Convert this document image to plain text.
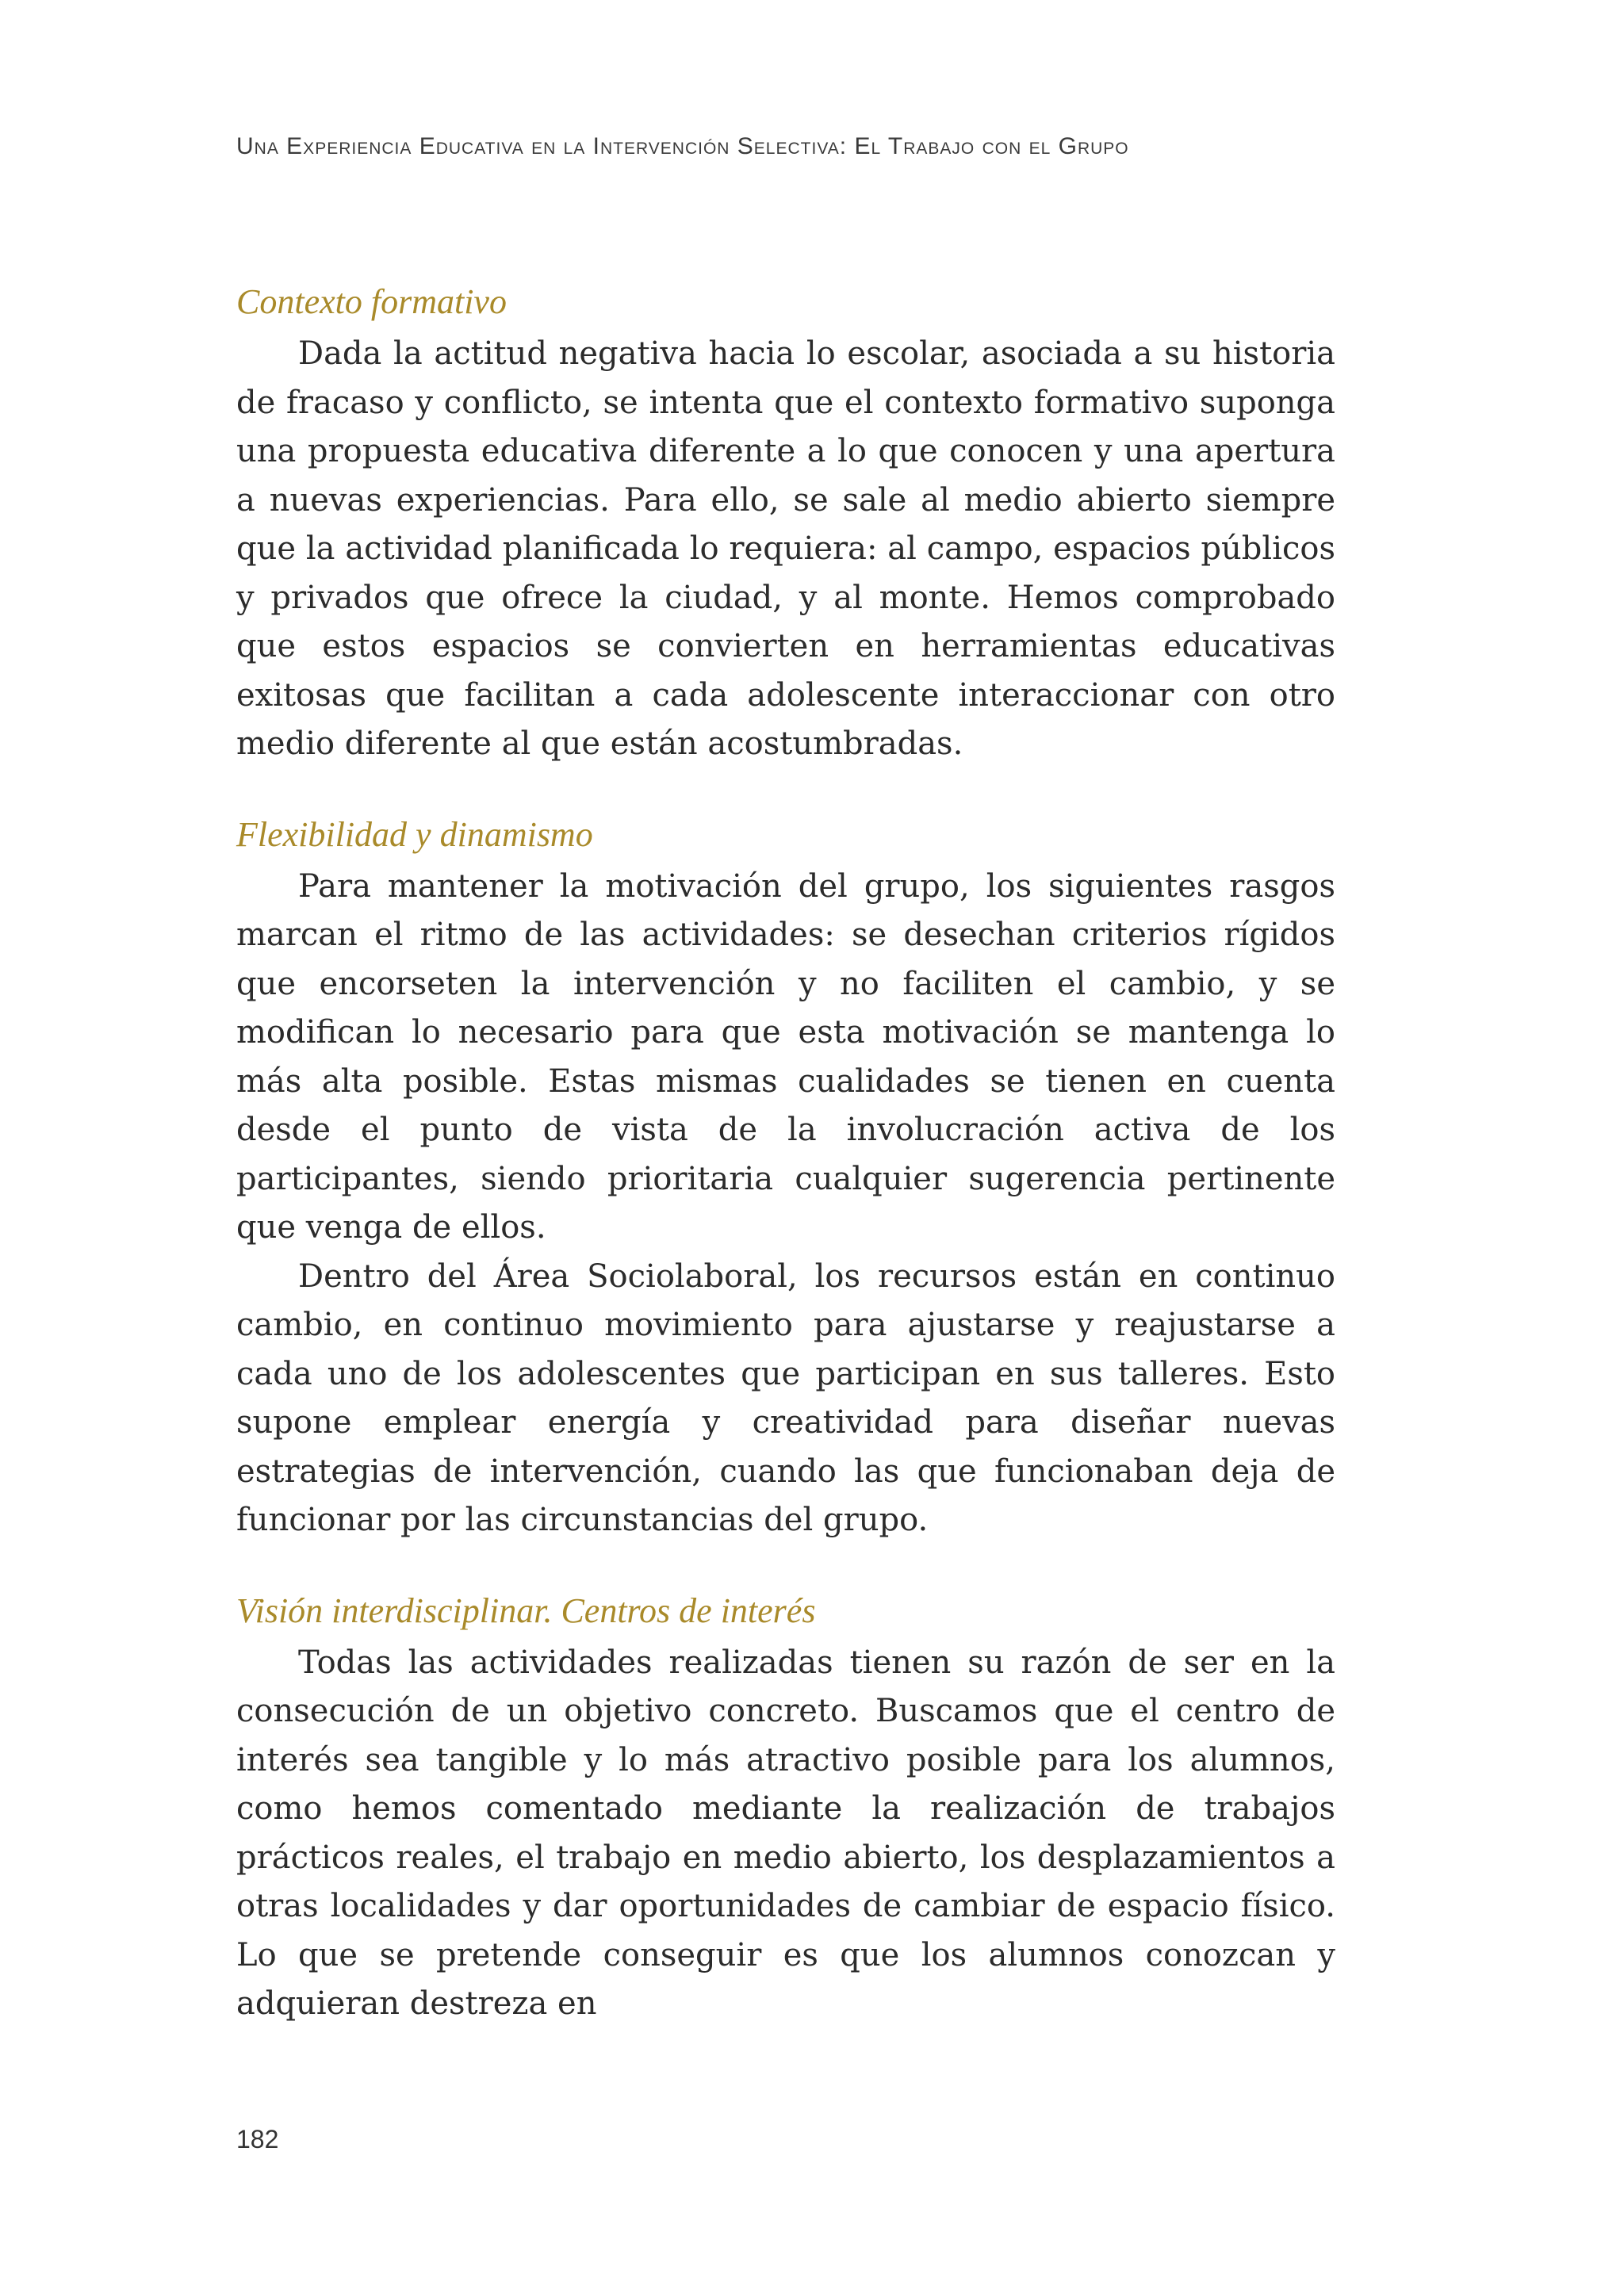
Una Experiencia Educativa en la Intervención Selectiva: El Trabajo con el Grupo
Contexto formativo

Dada la actitud negativa hacia lo escolar, asociada a su historia de fracaso y conflicto, se intenta que el contexto formativo suponga una propuesta educativa diferente a lo que conocen y una apertura a nuevas experiencias. Para ello, se sale al medio abierto siempre que la actividad planificada lo requiera: al campo, espacios públicos y privados que ofrece la ciudad, y al monte. Hemos comprobado que estos espacios se convierten en herramientas educativas exitosas que facilitan a cada adolescente interaccionar con otro medio diferente al que están acostumbradas.

Flexibilidad y dinamismo

Para mantener la motivación del grupo, los siguientes rasgos marcan el ritmo de las actividades: se desechan criterios rígidos que encorseten la intervención y no faciliten el cambio, y se modifican lo necesario para que esta motivación se mantenga lo más alta posible. Estas mismas cualidades se tienen en cuenta desde el punto de vista de la involucración activa de los participantes, siendo prioritaria cualquier sugerencia pertinente que venga de ellos.

Dentro del Área Sociolaboral, los recursos están en continuo cambio, en continuo movimiento para ajustarse y reajustarse a cada uno de los adolescentes que participan en sus talleres. Esto supone emplear energía y creatividad para diseñar nuevas estrategias de intervención, cuando las que funcionaban deja de funcionar por las circunstancias del grupo.

Visión interdisciplinar. Centros de interés

Todas las actividades realizadas tienen su razón de ser en la consecución de un objetivo concreto. Buscamos que el centro de interés sea tangible y lo más atractivo posible para los alumnos, como hemos comentado mediante la realización de trabajos prácticos reales, el trabajo en medio abierto, los desplazamientos a otras localidades y dar oportunidades de cambiar de espacio físico. Lo que se pretende conseguir es que los alumnos conozcan y adquieran destreza en

182
